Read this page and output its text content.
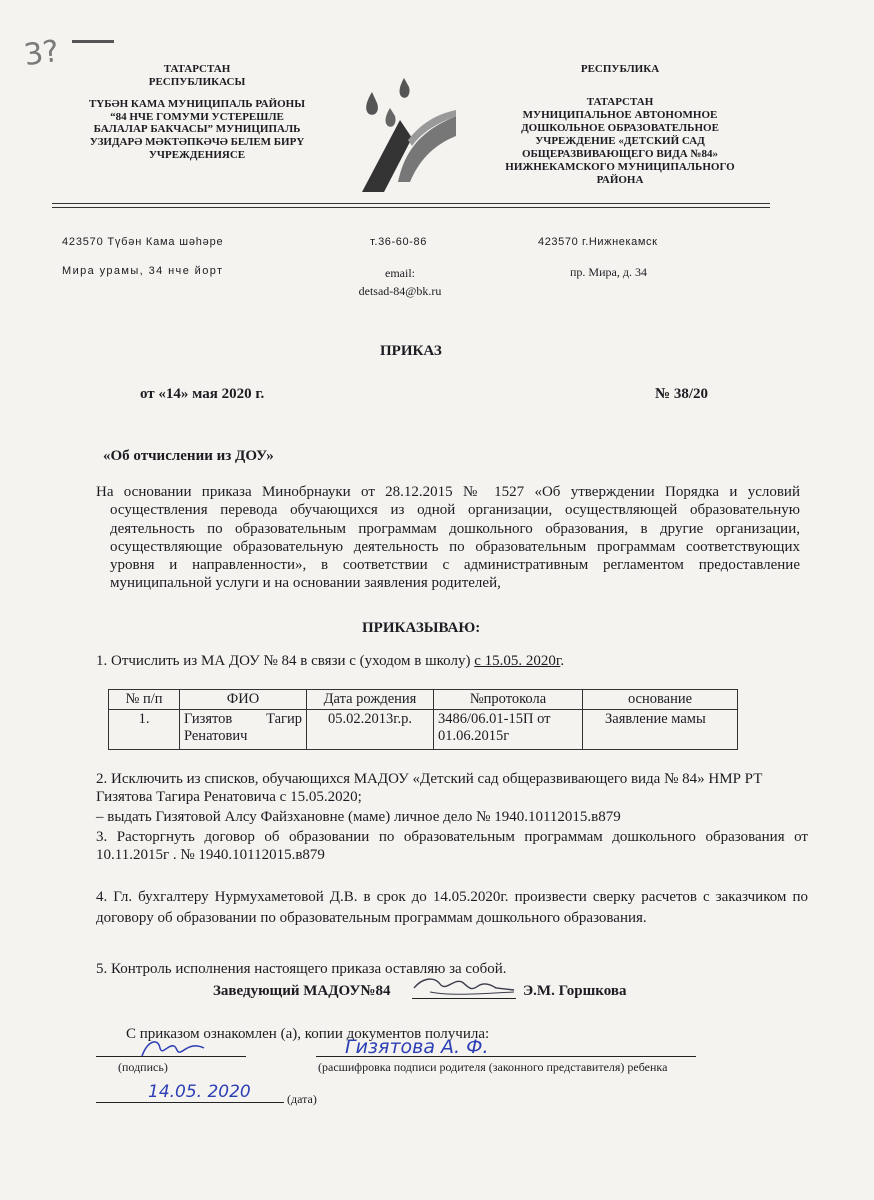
3?	ТАТАРСТАН
РЕСПУБЛИКАСЫ
ТҮБӘН КАМА МУНИЦИПАЛЬ РАЙОНЫ
“84 НЧЕ ГОМУМИ УСТЕРЕШЛЕ
БАЛАЛАР БАКЧАСЫ” МУНИЦИПАЛЬ
УЗИДАРӘ МӘКТӘПКӘЧӘ БЕЛЕМ БИРҮ
УЧРЕЖДЕНИЯСЕ
РЕСПУБЛИКА
ТАТАРСТАН
МУНИЦИПАЛЬНОЕ АВТОНОМНОЕ
ДОШКОЛЬНОЕ ОБРАЗОВАТЕЛЬНОЕ
УЧРЕЖДЕНИЕ «ДЕТСКИЙ САД
ОБЩЕРАЗВИВАЮЩЕГО ВИДА №84»
НИЖНЕКАМСКОГО МУНИЦИПАЛЬНОГО
РАЙОНА
423570 Түбән Кама шәһәре
Мира урамы, 34 нче йорт
т.36-60-86
email:
detsad-84@bk.ru
423570 г.Нижнекамск
пр. Мира, д. 34
ПРИКАЗ
от «14» мая 2020 г.	№ 38/20
«Об отчислении из ДОУ»
На основании приказа Минобрнауки от 28.12.2015 № 1527 «Об утверждении Порядка и условий осуществления перевода обучающихся из одной организации, осуществляющей образовательную деятельность по образовательным программам дошкольного образования, в другие организации, осуществляющие образовательную деятельность по образовательным программам соответствующих уровня и направленности», в соответствии с административным регламентом предоставление муниципальной услуги и на основании заявления родителей,
ПРИКАЗЫВАЮ:
1. Отчислить из МА ДОУ № 84 в связи с (уходом в школу) с 15.05. 2020г.
№ п/п	ФИО	Дата рождения	№протокола	основание
1.	Гизятов Тагир Ренатович	05.02.2013г.р.	3486/06.01-15П от 01.06.2015г	Заявление мамы
2. Исключить из списков, обучающихся МАДОУ «Детский сад общеразвивающего вида № 84» НМР РТ Гизятова Тагира Ренатовича с 15.05.2020;
– выдать Гизятовой Алсу Файзхановне (маме) личное дело № 1940.10112015.в879
3. Расторгнуть договор об образовании по образовательным программам дошкольного образования от 10.11.2015г . № 1940.10112015.в879
4. Гл. бухгалтеру Нурмухаметовой Д.В. в срок до 14.05.2020г. произвести сверку расчетов с заказчиком по договору об образовании по образовательным программам дошкольного образования.
5. Контроль исполнения настоящего приказа оставляю за собой.
Заведующий МАДОУ№84	Э.М. Горшкова
С приказом ознакомлен (а), копии документов получила:
(подпись)
Гизятова А. Ф.
(расшифровка подписи родителя (законного представителя) ребенка
14.05. 2020	(дата)
